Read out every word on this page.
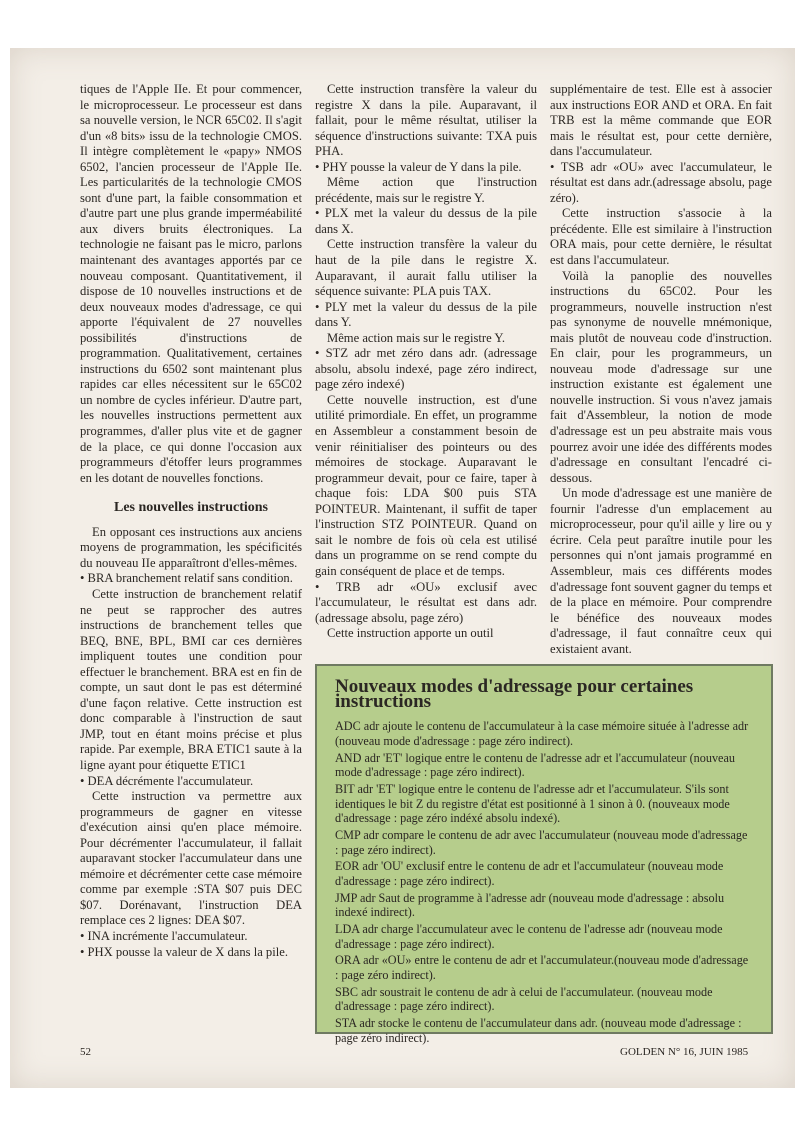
tiques de l'Apple IIe. Et pour commencer, le microprocesseur. Le processeur est dans sa nouvelle version, le NCR 65C02. Il s'agit d'un «8 bits» issu de la technologie CMOS. Il intègre complètement le «papy» NMOS 6502, l'ancien processeur de l'Apple IIe. Les particularités de la technologie CMOS sont d'une part, la faible consommation et d'autre part une plus grande imperméabilité aux divers bruits électroniques. La technologie ne faisant pas le micro, parlons maintenant des avantages apportés par ce nouveau composant. Quantitativement, il dispose de 10 nouvelles instructions et de deux nouveaux modes d'adressage, ce qui apporte l'équivalent de 27 nouvelles possibilités d'instructions de programmation. Qualitativement, certaines instructions du 6502 sont maintenant plus rapides car elles nécessitent sur le 65C02 un nombre de cycles inférieur. D'autre part, les nouvelles instructions permettent aux programmes, d'aller plus vite et de gagner de la place, ce qui donne l'occasion aux programmeurs d'étoffer leurs programmes en les dotant de nouvelles fonctions.

Les nouvelles instructions

En opposant ces instructions aux anciens moyens de programmation, les spécificités du nouveau IIe apparaîtront d'elles-mêmes.

• BRA branchement relatif sans condition.

Cette instruction de branchement relatif ne peut se rapprocher des autres instructions de branchement telles que BEQ, BNE, BPL, BMI car ces dernières impliquent toutes une condition pour effectuer le branchement. BRA est en fin de compte, un saut dont le pas est déterminé d'une façon relative. Cette instruction est donc comparable à l'instruction de saut JMP, tout en étant moins précise et plus rapide. Par exemple, BRA ETIC1 saute à la ligne ayant pour étiquette ETIC1

• DEA décrémente l'accumulateur.

Cette instruction va permettre aux programmeurs de gagner en vitesse d'exécution ainsi qu'en place mémoire. Pour décrémenter l'accumulateur, il fallait auparavant stocker l'accumulateur dans une mémoire et décrémenter cette case mémoire comme par exemple :STA $07 puis DEC $07. Dorénavant, l'instruction DEA remplace ces 2 lignes: DEA $07.

• INA incrémente l'accumulateur.

• PHX pousse la valeur de X dans la pile.

Cette instruction transfère la valeur du registre X dans la pile. Auparavant, il fallait, pour le même résultat, utiliser la séquence d'instructions suivante: TXA puis PHA.

• PHY pousse la valeur de Y dans la pile.

Même action que l'instruction précédente, mais sur le registre Y.

• PLX met la valeur du dessus de la pile dans X.

Cette instruction transfère la valeur du haut de la pile dans le registre X. Auparavant, il aurait fallu utiliser la séquence suivante: PLA puis TAX.

• PLY met la valeur du dessus de la pile dans Y.

Même action mais sur le registre Y.

• STZ adr met zéro dans adr. (adressage absolu, absolu indexé, page zéro indirect, page zéro indexé)

Cette nouvelle instruction, est d'une utilité primordiale. En effet, un programme en Assembleur a constamment besoin de venir réinitialiser des pointeurs ou des mémoires de stockage. Auparavant le programmeur devait, pour ce faire, taper à chaque fois: LDA $00 puis STA POINTEUR. Maintenant, il suffit de taper l'instruction STZ POINTEUR. Quand on sait le nombre de fois où cela est utilisé dans un programme on se rend compte du gain conséquent de place et de temps.

• TRB adr «OU» exclusif avec l'accumulateur, le résultat est dans adr.(adressage absolu, page zéro)

Cette instruction apporte un outil

supplémentaire de test. Elle est à associer aux instructions EOR AND et ORA. En fait TRB est la même commande que EOR mais le résultat est, pour cette dernière, dans l'accumulateur.

• TSB adr «OU» avec l'accumulateur, le résultat est dans adr.(adressage absolu, page zéro).

Cette instruction s'associe à la précédente. Elle est similaire à l'instruction ORA mais, pour cette dernière, le résultat est dans l'accumulateur.

Voilà la panoplie des nouvelles instructions du 65C02. Pour les programmeurs, nouvelle instruction n'est pas synonyme de nouvelle mnémonique, mais plutôt de nouveau code d'instruction. En clair, pour les programmeurs, un nouveau mode d'adressage sur une instruction existante est également une nouvelle instruction. Si vous n'avez jamais fait d'Assembleur, la notion de mode d'adressage est un peu abstraite mais vous pourrez avoir une idée des différents modes d'adressage en consultant l'encadré ci-dessous.

Un mode d'adressage est une manière de fournir l'adresse d'un emplacement au microprocesseur, pour qu'il aille y lire ou y écrire. Cela peut paraître inutile pour les personnes qui n'ont jamais programmé en Assembleur, mais ces différents modes d'adressage font souvent gagner du temps et de la place en mémoire. Pour comprendre le bénéfice des nouveaux modes d'adressage, il faut connaître ceux qui existaient avant.

Nouveaux modes d'adressage pour certaines instructions
ADC adr ajoute le contenu de l'accumulateur à la case mémoire située à l'adresse adr (nouveau mode d'adressage : page zéro indirect).
AND adr 'ET' logique entre le contenu de l'adresse adr et l'accumulateur (nouveau mode d'adressage : page zéro indirect).
BIT adr 'ET' logique entre le contenu de l'adresse adr et l'accumulateur. S'ils sont identiques le bit Z du registre d'état est positionné à 1 sinon à 0. (nouveaux mode d'adressage : page zéro indéxé absolu indexé).
CMP adr compare le contenu de adr avec l'accumulateur (nouveau mode d'adressage : page zéro indirect).
EOR adr 'OU' exclusif entre le contenu de adr et l'accumulateur (nouveau mode d'adressage : page zéro indirect).
JMP adr Saut de programme à l'adresse adr (nouveau mode d'adressage : absolu indexé indirect).
LDA adr charge l'accumulateur avec le contenu de l'adresse adr (nouveau mode d'adressage : page zéro indirect).
ORA adr «OU» entre le contenu de adr et l'accumulateur.(nouveau mode d'adressage : page zéro indirect).
SBC adr soustrait le contenu de adr à celui de l'accumulateur. (nouveau mode d'adressage : page zéro indirect).
STA adr stocke le contenu de l'accumulateur dans adr. (nouveau mode d'adressage : page zéro indirect).
52	GOLDEN N° 16, JUIN 1985
